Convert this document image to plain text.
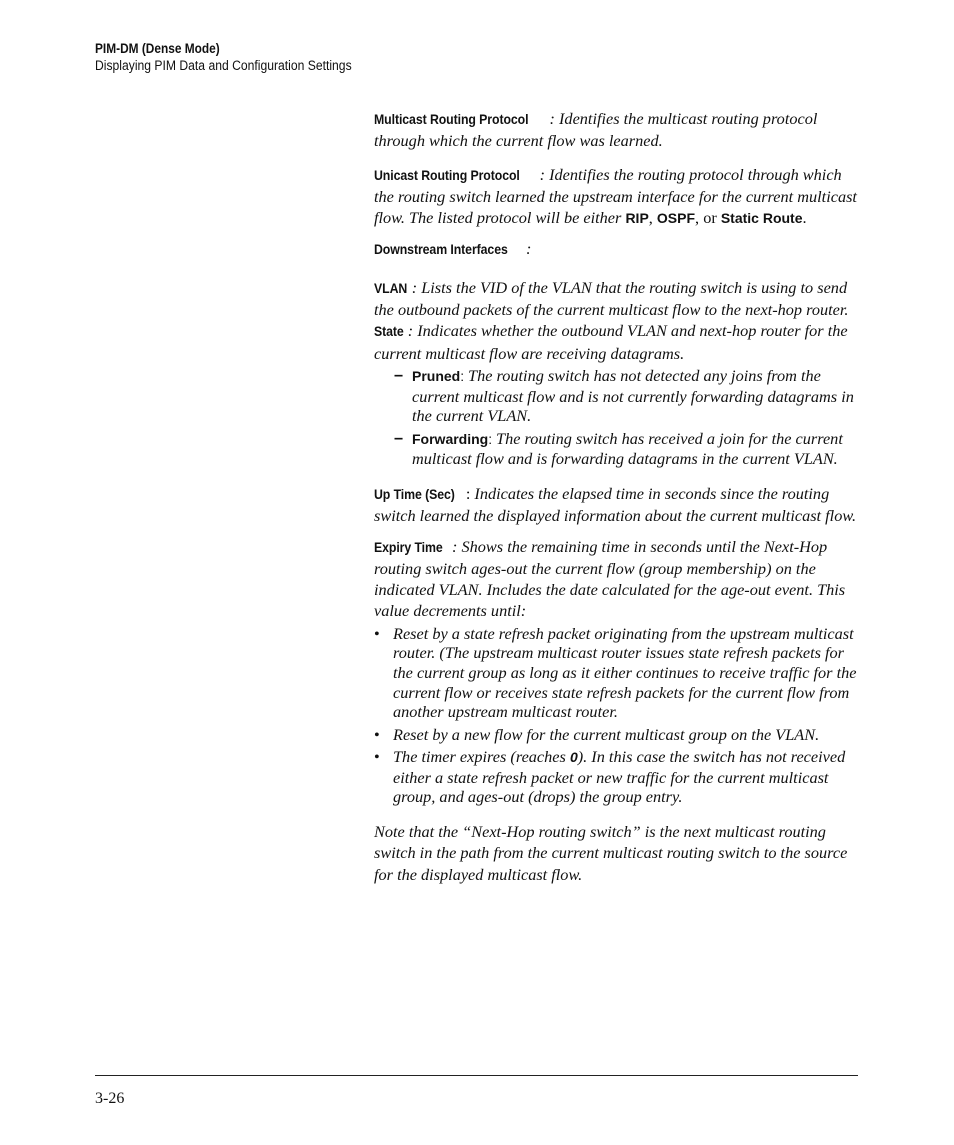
PIM-DM (Dense Mode)
Displaying PIM Data and Configuration Settings

Multicast Routing Protocol : Identifies the multicast routing protocol through which the current flow was learned.

Unicast Routing Protocol : Identifies the routing protocol through which the routing switch learned the upstream interface for the current multicast flow. The listed protocol will be either RIP, OSPF, or Static Route.

Downstream Interfaces :

VLAN : Lists the VID of the VLAN that the routing switch is using to send the outbound packets of the current multicast flow to the next-hop router.

State : Indicates whether the outbound VLAN and next-hop router for the current multicast flow are receiving datagrams.

– Pruned: The routing switch has not detected any joins from the current multicast flow and is not currently forwarding datagrams in the current VLAN.
– Forwarding: The routing switch has received a join for the current multicast flow and is forwarding datagrams in the current VLAN.

Up Time (Sec) : Indicates the elapsed time in seconds since the routing switch learned the displayed information about the current multicast flow.

Expiry Time : Shows the remaining time in seconds until the Next-Hop routing switch ages-out the current flow (group membership) on the indicated VLAN. Includes the date calculated for the age-out event. This value decrements until:

• Reset by a state refresh packet originating from the upstream multicast router. (The upstream multicast router issues state refresh packets for the current group as long as it either continues to receive traffic for the current flow or receives state refresh packets for the current flow from another upstream multicast router.
• Reset by a new flow for the current multicast group on the VLAN.
• The timer expires (reaches 0). In this case the switch has not received either a state refresh packet or new traffic for the current multicast group, and ages-out (drops) the group entry.

Note that the “Next-Hop routing switch” is the next multicast routing switch in the path from the current multicast routing switch to the source for the displayed multicast flow.

3-26
